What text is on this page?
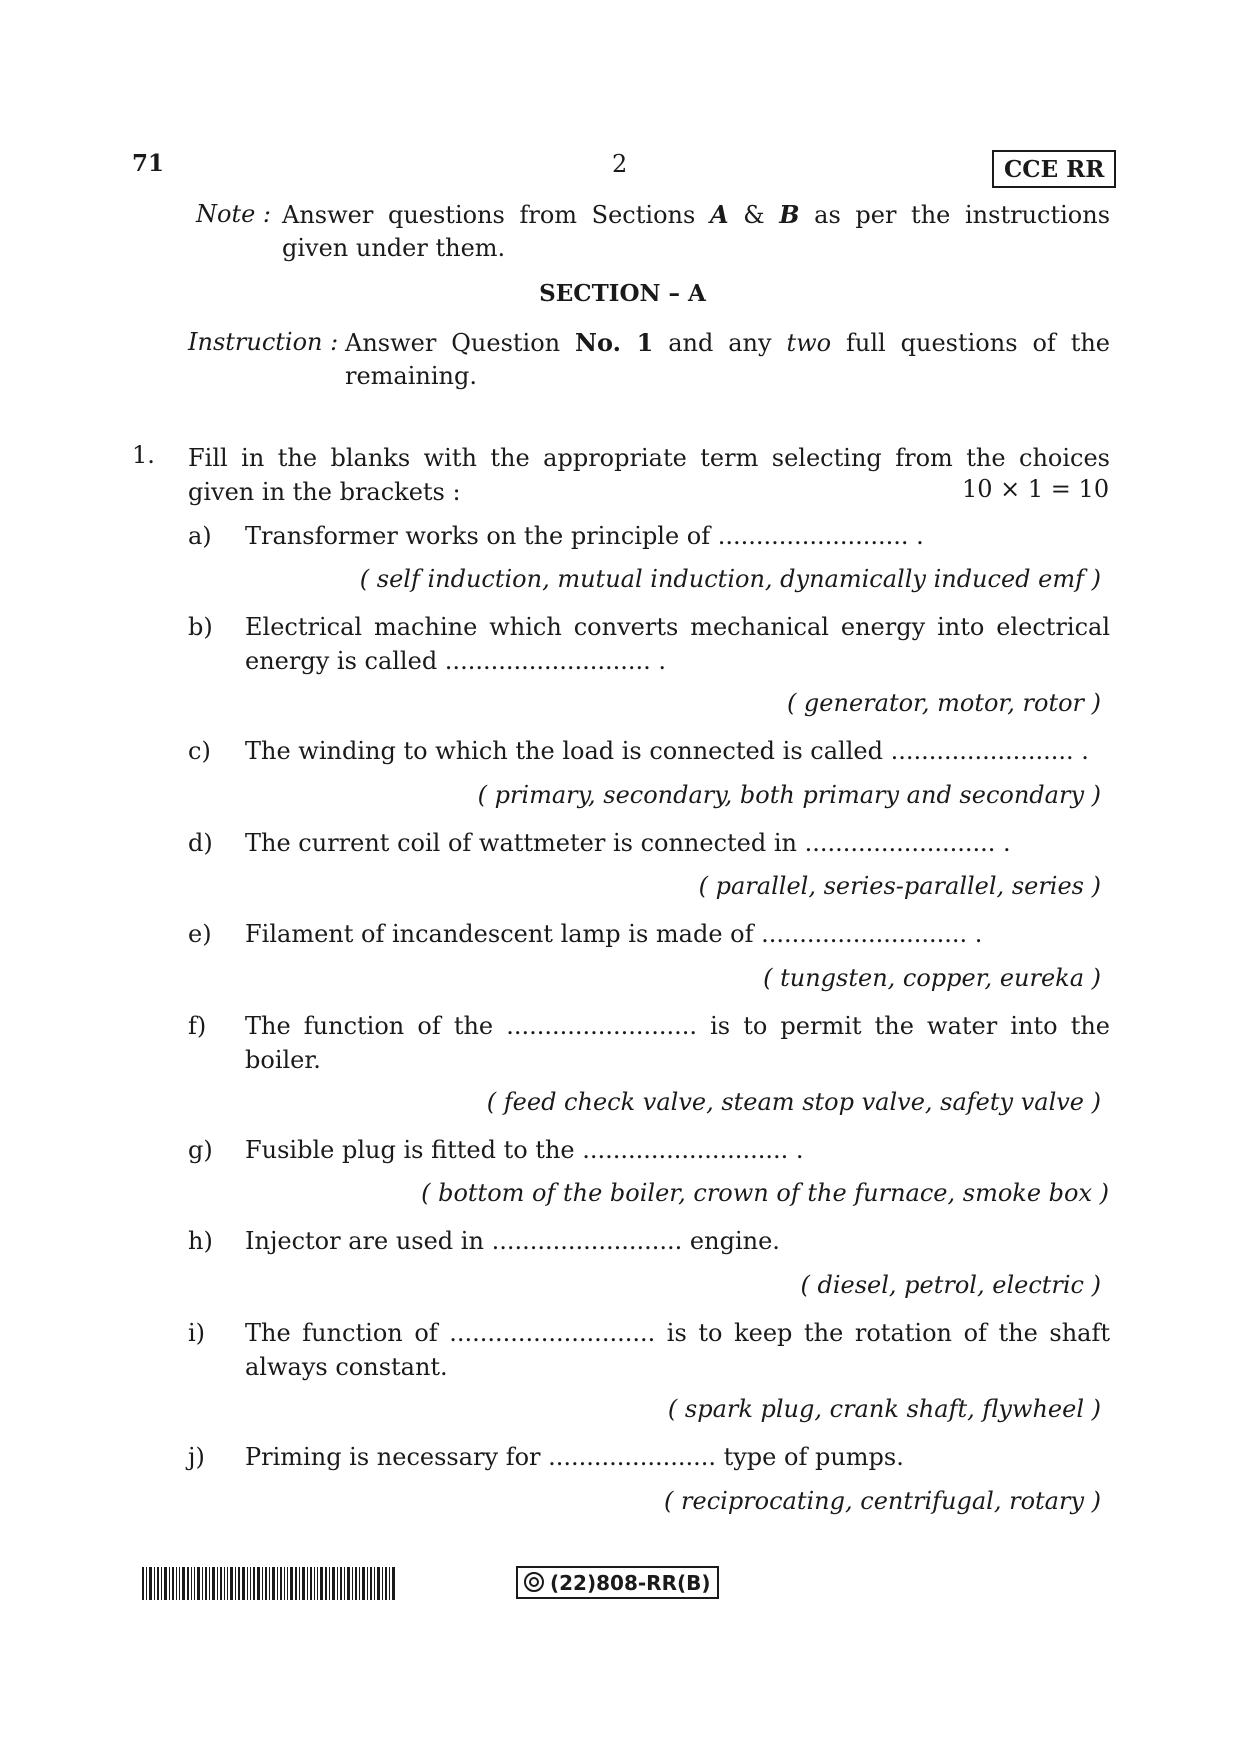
71	2	CCE RR
Note : Answer questions from Sections A & B as per the instructions given under them.
SECTION – A
Instruction : Answer Question No. 1 and any two full questions of the remaining.
1. Fill in the blanks with the appropriate term selecting from the choices given in the brackets :	10 × 1 = 10
a) Transformer works on the principle of ......................... .
( self induction, mutual induction, dynamically induced emf )
b) Electrical machine which converts mechanical energy into electrical energy is called ........................... .
( generator, motor, rotor )
c) The winding to which the load is connected is called ........................ .
( primary, secondary, both primary and secondary )
d) The current coil of wattmeter is connected in ......................... .
( parallel, series-parallel, series )
e) Filament of incandescent lamp is made of ........................... .
( tungsten, copper, eureka )
f) The function of the ......................... is to permit the water into the boiler.
( feed check valve, steam stop valve, safety valve )
g) Fusible plug is fitted to the ........................... .
( bottom of the boiler, crown of the furnace, smoke box )
h) Injector are used in ......................... engine.
( diesel, petrol, electric )
i) The function of ........................... is to keep the rotation of the shaft always constant.
( spark plug, crank shaft, flywheel )
j) Priming is necessary for ...................... type of pumps.
( reciprocating, centrifugal, rotary )
(22)808-RR(B)
